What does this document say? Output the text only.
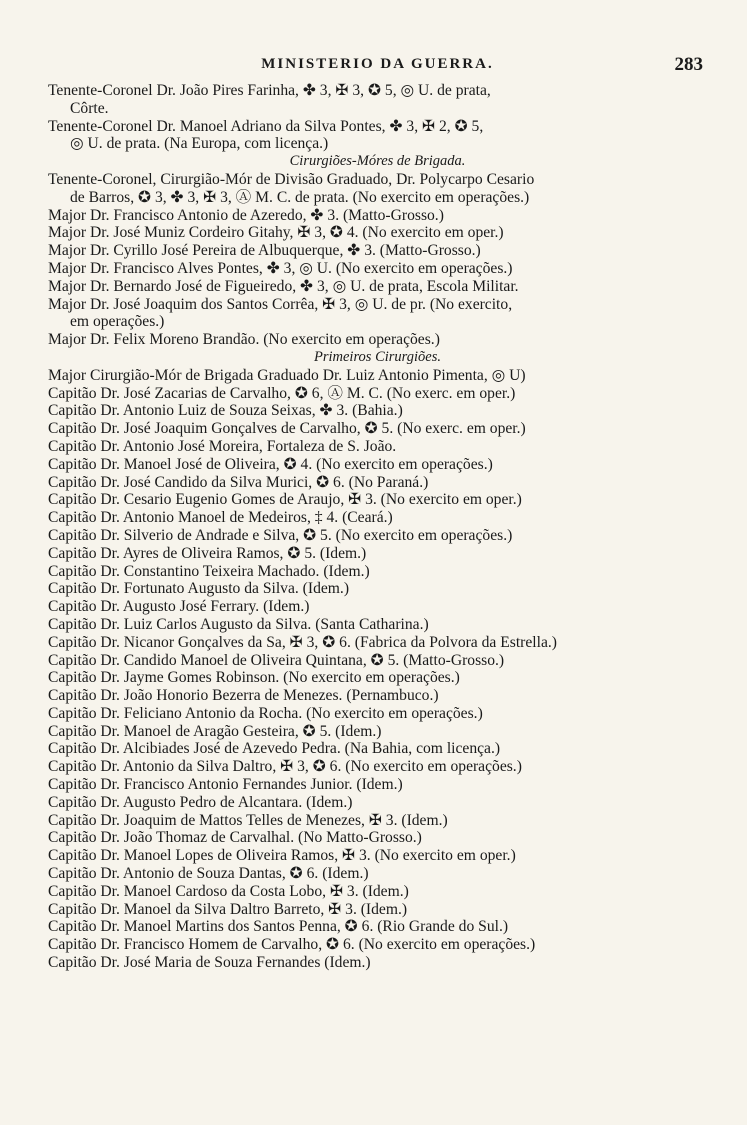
MINISTERIO DA GUERRA.	283
Tenente-Coronel Dr. João Pires Farinha, ✤ 3, ✠ 3, ✪ 5, ◎ U. de prata,
Côrte.
Tenente-Coronel Dr. Manoel Adriano da Silva Pontes, ✤ 3, ✠ 2, ✪ 5,
◎ U. de prata. (Na Europa, com licença.)
Cirurgiões-Móres de Brigada.
Tenente-Coronel, Cirurgião-Mór de Divisão Graduado, Dr. Polycarpo Cesario
de Barros, ✪ 3, ✤ 3, ✠ 3, Ⓐ M. C. de prata. (No exercito em operações.)
Major Dr. Francisco Antonio de Azeredo, ✤ 3. (Matto-Grosso.)
Major Dr. José Muniz Cordeiro Gitahy, ✠ 3, ✪ 4. (No exercito em oper.)
Major Dr. Cyrillo José Pereira de Albuquerque, ✤ 3. (Matto-Grosso.)
Major Dr. Francisco Alves Pontes, ✤ 3, ◎ U. (No exercito em operações.)
Major Dr. Bernardo José de Figueiredo, ✤ 3, ◎ U. de prata, Escola Militar.
Major Dr. José Joaquim dos Santos Corrêa, ✠ 3, ◎ U. de pr. (No exercito,
em operações.)
Major Dr. Felix Moreno Brandão. (No exercito em operações.)
Primeiros Cirurgiões.
Major Cirurgião-Mór de Brigada Graduado Dr. Luiz Antonio Pimenta, ◎ U)
Capitão Dr. José Zacarias de Carvalho, ✪ 6, Ⓐ M. C. (No exerc. em oper.)
Capitão Dr. Antonio Luiz de Souza Seixas, ✤ 3. (Bahia.)
Capitão Dr. José Joaquim Gonçalves de Carvalho, ✪ 5. (No exerc. em oper.)
Capitão Dr. Antonio José Moreira, Fortaleza de S. João.
Capitão Dr. Manoel José de Oliveira, ✪ 4. (No exercito em operações.)
Capitão Dr. José Candido da Silva Murici, ✪ 6. (No Paraná.)
Capitão Dr. Cesario Eugenio Gomes de Araujo, ✠ 3. (No exercito em oper.)
Capitão Dr. Antonio Manoel de Medeiros, ‡ 4. (Ceará.)
Capitão Dr. Silverio de Andrade e Silva, ✪ 5. (No exercito em operações.)
Capitão Dr. Ayres de Oliveira Ramos, ✪ 5. (Idem.)
Capitão Dr. Constantino Teixeira Machado. (Idem.)
Capitão Dr. Fortunato Augusto da Silva. (Idem.)
Capitão Dr. Augusto José Ferrary. (Idem.)
Capitão Dr. Luiz Carlos Augusto da Silva. (Santa Catharina.)
Capitão Dr. Nicanor Gonçalves da Sa, ✠ 3, ✪ 6. (Fabrica da Polvora da Estrella.)
Capitão Dr. Candido Manoel de Oliveira Quintana, ✪ 5. (Matto-Grosso.)
Capitão Dr. Jayme Gomes Robinson. (No exercito em operações.)
Capitão Dr. João Honorio Bezerra de Menezes. (Pernambuco.)
Capitão Dr. Feliciano Antonio da Rocha. (No exercito em operações.)
Capitão Dr. Manoel de Aragão Gesteira, ✪ 5. (Idem.)
Capitão Dr. Alcibiades José de Azevedo Pedra. (Na Bahia, com licença.)
Capitão Dr. Antonio da Silva Daltro, ✠ 3, ✪ 6. (No exercito em operações.)
Capitão Dr. Francisco Antonio Fernandes Junior. (Idem.)
Capitão Dr. Augusto Pedro de Alcantara. (Idem.)
Capitão Dr. Joaquim de Mattos Telles de Menezes, ✠ 3. (Idem.)
Capitão Dr. João Thomaz de Carvalhal. (No Matto-Grosso.)
Capitão Dr. Manoel Lopes de Oliveira Ramos, ✠ 3. (No exercito em oper.)
Capitão Dr. Antonio de Souza Dantas, ✪ 6. (Idem.)
Capitão Dr. Manoel Cardoso da Costa Lobo, ✠ 3. (Idem.)
Capitão Dr. Manoel da Silva Daltro Barreto, ✠ 3. (Idem.)
Capitão Dr. Manoel Martins dos Santos Penna, ✪ 6. (Rio Grande do Sul.)
Capitão Dr. Francisco Homem de Carvalho, ✪ 6. (No exercito em operações.)
Capitão Dr. José Maria de Souza Fernandes (Idem.)
